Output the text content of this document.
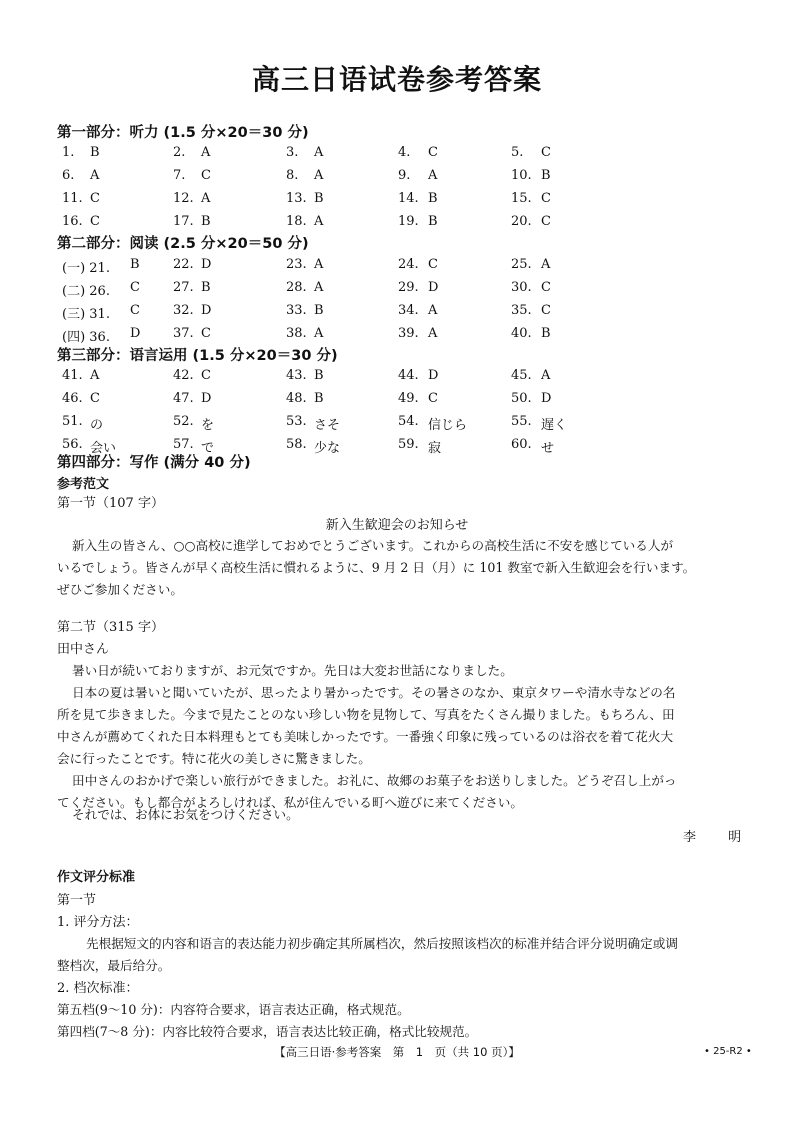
高三日语试卷参考答案
第一部分：听力 (1.5 分×20＝30 分)
1. B	2. A	3. A	4. C	5. C
6. A	7. C	8. A	9. A	10. B
11. C	12. A	13. B	14. B	15. C
16. C	17. B	18. A	19. B	20. C
第二部分：阅读 (2.5 分×20＝50 分)
(一) 21. B	22. D	23. A	24. C	25. A
(二) 26. C	27. B	28. A	29. D	30. C
(三) 31. C	32. D	33. B	34. A	35. C
(四) 36. D	37. C	38. A	39. A	40. B
第三部分：语言运用 (1.5 分×20＝30 分)
41. A	42. C	43. B	44. D	45. A
46. C	47. D	48. B	49. C	50. D
51. の	52. を	53. さそ	54. 信じら	55. 遅く
56. 会い	57. で	58. 少な	59. 寂	60. せ
第四部分：写作 (满分 40 分)
参考范文
第一节（107 字）
新入生歓迎会のお知らせ
新入生の皆さん、○○高校に進学しておめでとうございます。これからの高校生活に不安を感じている人が
いるでしょう。皆さんが早く高校生活に慣れるように、9 月 2 日（月）に 101 教室で新入生歓迎会を行います。
ぜひご参加ください。
第二节（315 字）
田中さん
暑い日が続いておりますが、お元気ですか。先日は大変お世話になりました。
日本の夏は暑いと聞いていたが、思ったより暑かったです。その暑さのなか、東京タワーや清水寺などの名
所を見て歩きました。今まで見たことのない珍しい物を見物して、写真をたくさん撮りました。もちろん、田
中さんが薦めてくれた日本料理もとても美味しかったです。一番強く印象に残っているのは浴衣を着て花火大
会に行ったことです。特に花火の美しさに驚きました。
田中さんのおかげで楽しい旅行ができました。お礼に、故郷のお菓子をお送りしました。どうぞ召し上がっ
てください。もし都合がよろしければ、私が住んでいる町へ遊びに来てください。
それでは、お体にお気をつけください。
李 明
作文评分标准
第一节
1. 评分方法：
先根据短文的内容和语言的表达能力初步确定其所属档次，然后按照该档次的标准并结合评分说明确定或调
整档次，最后给分。
2. 档次标准：
第五档(9～10 分)：内容符合要求，语言表达正确，格式规范。
第四档(7～8 分)：内容比较符合要求，语言表达比较正确，格式比较规范。
【高三日语·参考答案　第　1　页（共 10 页）】	• 25-R2 •
